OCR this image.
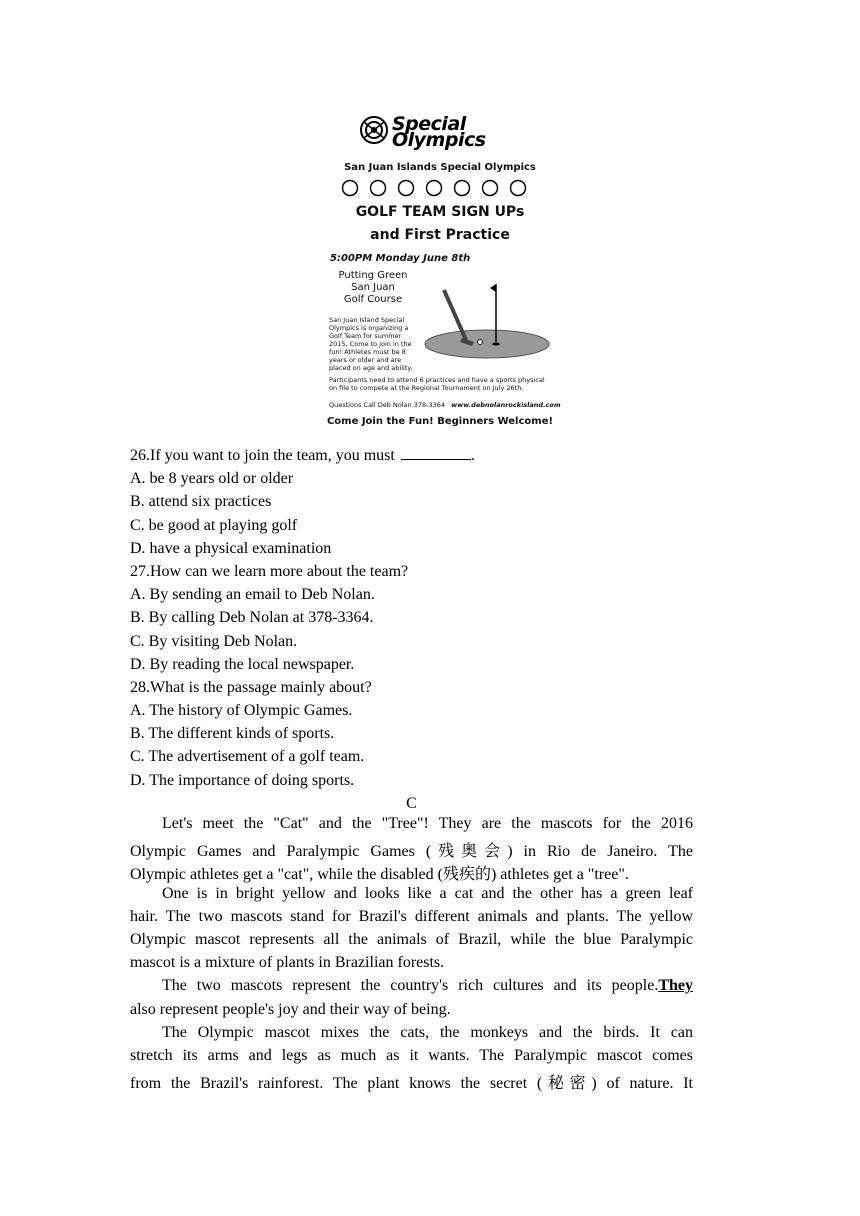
Special
Olympics
San Juan Islands Special Olympics
GOLF TEAM SIGN UPs
and First Practice
5:00PM Monday June 8th
Putting Green
San Juan
Golf Course
San Juan Island Special
Olympics is organizing a
Golf Team for summer
2015. Come to join in the
fun! Athletes must be 8
years or older and are
placed on age and ability.
Participants need to attend 6 practices and have a sports physical
on file to compete at the Regional Tournament on July 26th.
Questions Call Deb Nolan 378-3364 www.debnolanrockisland.com
Come Join the Fun! Beginners Welcome!
26.If you want to join the team, you must	.
A. be 8 years old or older
B. attend six practices
C. be good at playing golf
D. have a physical examination
27.How can we learn more about the team?
A. By sending an email to Deb Nolan.
B. By calling Deb Nolan at 378-3364.
C. By visiting Deb Nolan.
D. By reading the local newspaper.
28.What is the passage mainly about?
A. The history of Olympic Games.
B. The different kinds of sports.
C. The advertisement of a golf team.
D. The importance of doing sports.
C
Let's meet the "Cat" and the "Tree"! They are the mascots for the 2016
Olympic Games and Paralympic Games (残奥会) in Rio de Janeiro. The
Olympic athletes get a "cat", while the disabled (残疾的) athletes get a "tree".
One is in bright yellow and looks like a cat and the other has a green leaf
hair. The two mascots stand for Brazil's different animals and plants. The yellow
Olympic mascot represents all the animals of Brazil, while the blue Paralympic
mascot is a mixture of plants in Brazilian forests.
The two mascots represent the country's rich cultures and its people.They
also represent people's joy and their way of being.
The Olympic mascot mixes the cats, the monkeys and the birds. It can
stretch its arms and legs as much as it wants. The Paralympic mascot comes
from the Brazil's rainforest. The plant knows the secret (秘密) of nature. It
